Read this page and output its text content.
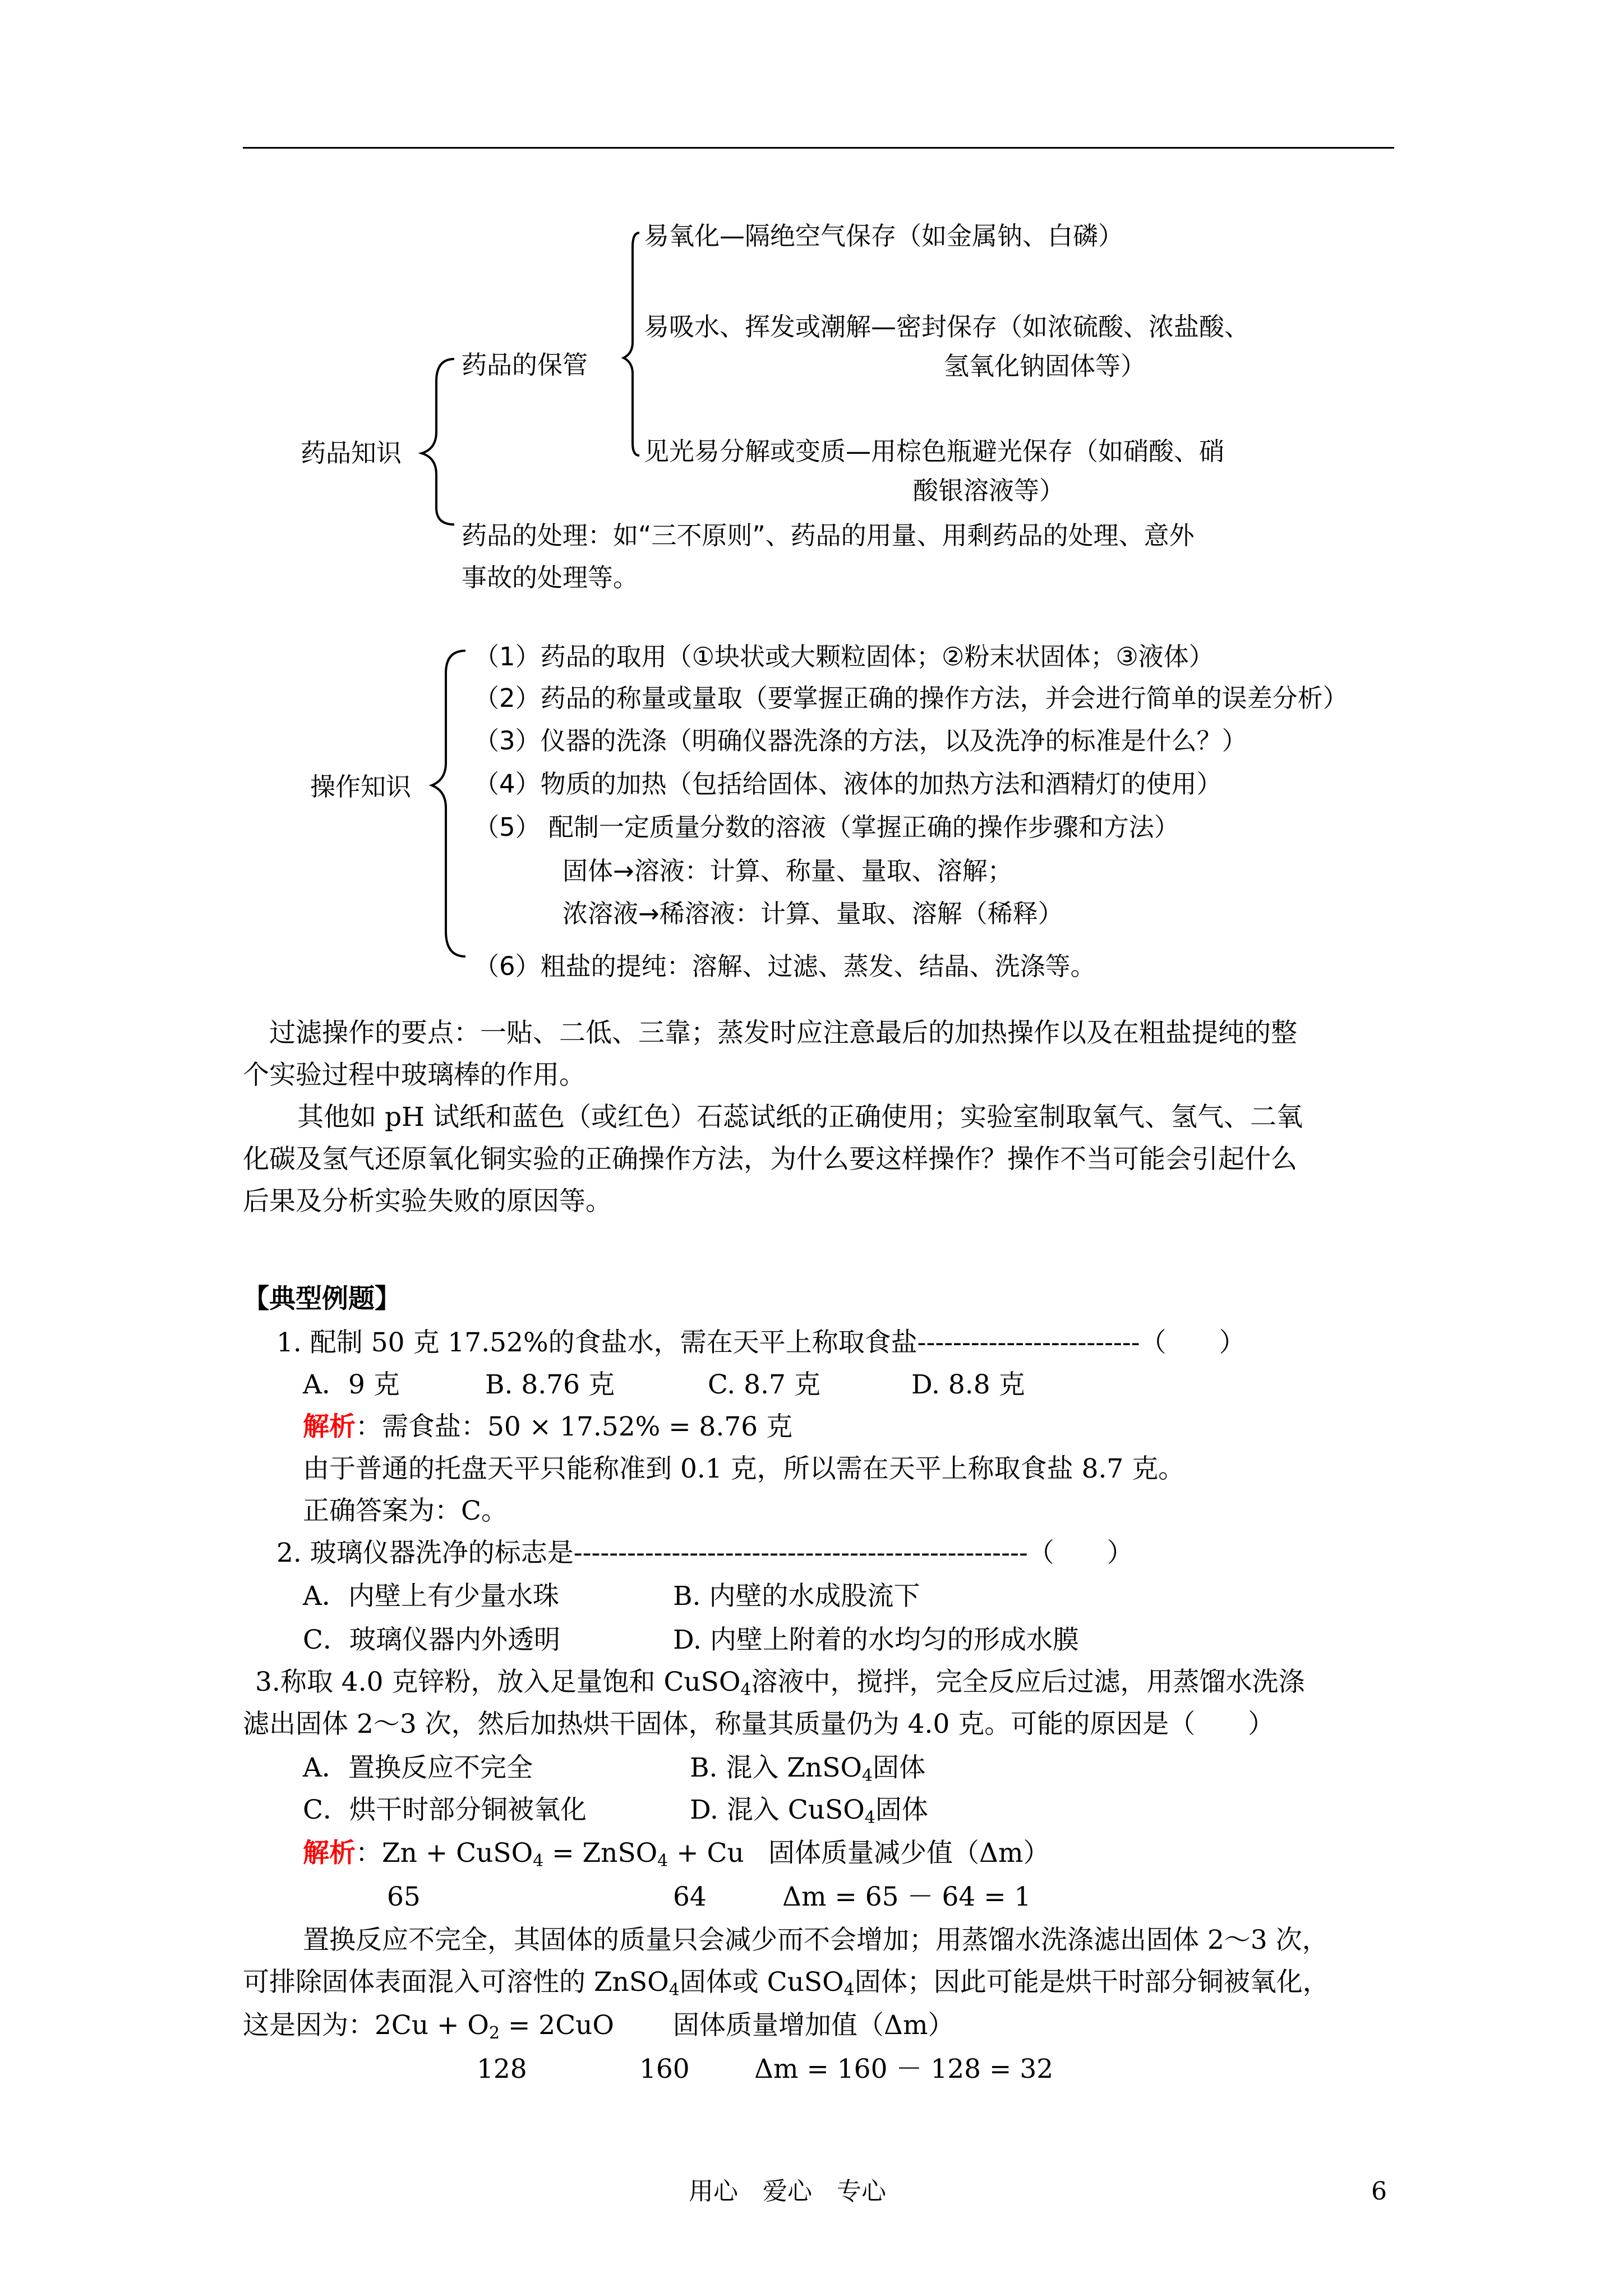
药品知识
药品的保管
易氧化—隔绝空气保存（如金属钠、白磷）
易吸水、挥发或潮解—密封保存（如浓硫酸、浓盐酸、
氢氧化钠固体等）
见光易分解或变质—用棕色瓶避光保存（如硝酸、硝
酸银溶液等）
药品的处理：如“三不原则”、药品的用量、用剩药品的处理、意外
事故的处理等。
操作知识
（1）药品的取用（①块状或大颗粒固体；②粉末状固体；③液体）
（2）药品的称量或量取（要掌握正确的操作方法，并会进行简单的误差分析）
（3）仪器的洗涤（明确仪器洗涤的方法，以及洗净的标准是什么？）
（4）物质的加热（包括给固体、液体的加热方法和酒精灯的使用）
（5） 配制一定质量分数的溶液（掌握正确的操作步骤和方法）
固体→溶液：计算、称量、量取、溶解；
浓溶液→稀溶液：计算、量取、溶解（稀释）
（6）粗盐的提纯：溶解、过滤、蒸发、结晶、洗涤等。
过滤操作的要点：一贴、二低、三靠；蒸发时应注意最后的加热操作以及在粗盐提纯的整
个实验过程中玻璃棒的作用。
其他如 pH 试纸和蓝色（或红色）石蕊试纸的正确使用；实验室制取氧气、氢气、二氧
化碳及氢气还原氧化铜实验的正确操作方法，为什么要这样操作？操作不当可能会引起什么
后果及分析实验失败的原因等。
【典型例题】
1. 配制 50 克 17.52%的食盐水，需在天平上称取食盐-------------------------（　　）
A．9 克	B. 8.76 克	C. 8.7 克	D. 8.8 克
解析：需食盐：50 × 17.52% = 8.76 克
由于普通的托盘天平只能称准到 0.1 克，所以需在天平上称取食盐 8.7 克。
正确答案为：C。
2. 玻璃仪器洗净的标志是---------------------------------------------------（　　）
A．内壁上有少量水珠	B. 内壁的水成股流下
C．玻璃仪器内外透明	D. 内壁上附着的水均匀的形成水膜
3.称取 4.0 克锌粉，放入足量饱和 CuSO$_4$溶液中，搅拌，完全反应后过滤，用蒸馏水洗涤
滤出固体 2～3 次，然后加热烘干固体，称量其质量仍为 4.0 克。可能的原因是（　　）
A．置换反应不完全	B. 混入 ZnSO$_4$固体
C．烘干时部分铜被氧化	D. 混入 CuSO$_4$固体
解析：Zn + CuSO$_4$ = ZnSO$_4$ + Cu 固体质量减少值（Δm）
65	64	Δm = 65 － 64 = 1
置换反应不完全，其固体的质量只会减少而不会增加；用蒸馏水洗涤滤出固体 2～3 次，
可排除固体表面混入可溶性的 ZnSO$_4$固体或 CuSO$_4$固体；因此可能是烘干时部分铜被氧化，
这是因为：$2Cu + O_2 = 2CuO$ 固体质量增加值（Δm）
128	160 Δm = 160 － 128 = 32
用心　爱心　专心	6
